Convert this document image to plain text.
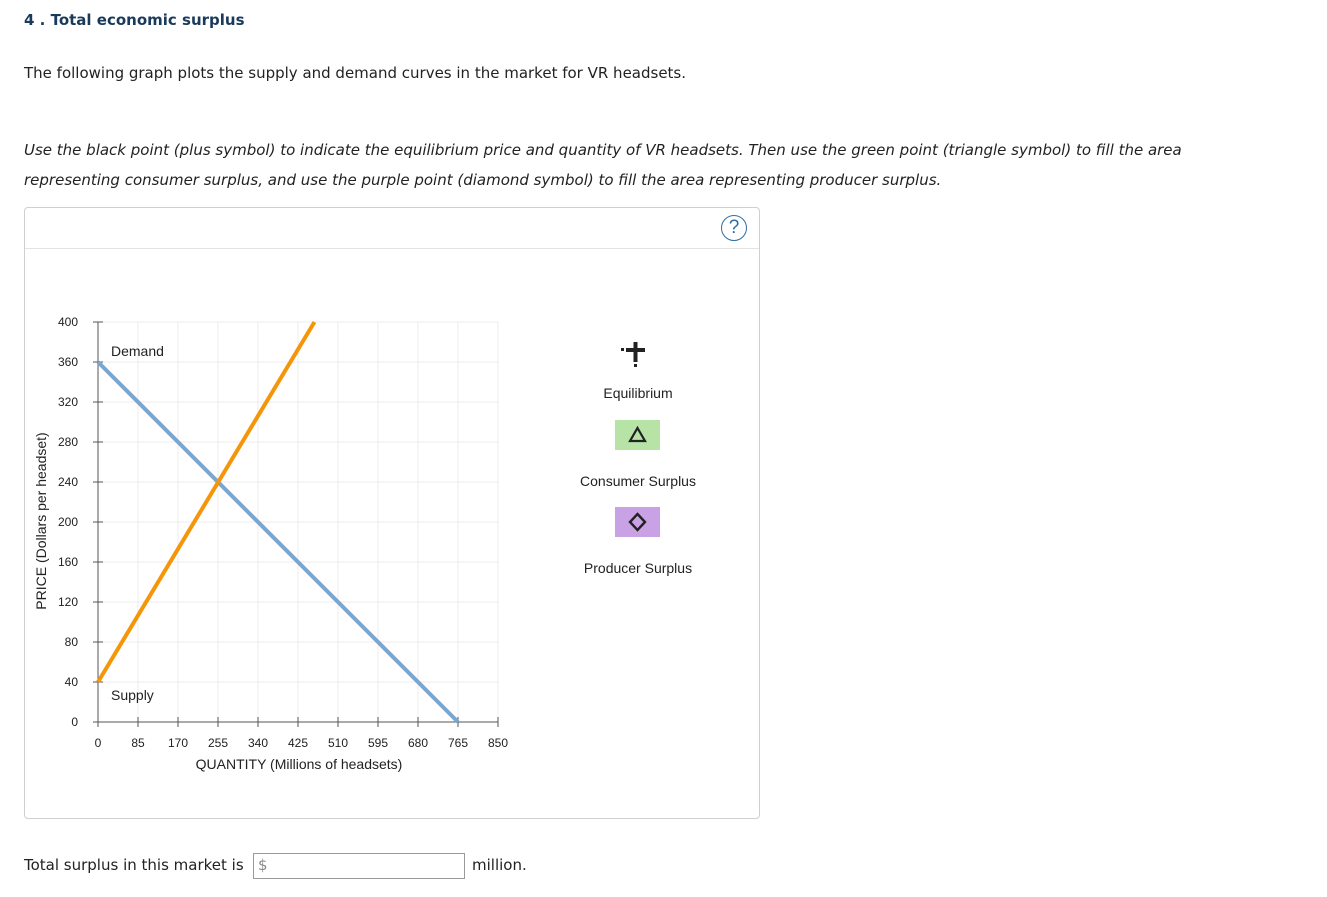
4 . Total economic surplus
The following graph plots the supply and demand curves in the market for VR headsets.
Use the black point (plus symbol) to indicate the equilibrium price and quantity of VR headsets. Then use the green point (triangle symbol) to fill the area representing consumer surplus, and use the purple point (diamond symbol) to fill the area representing producer surplus.
?
0 85 170 255 340 425 510 595 680 765 850
0
40
80
120
160
200
240
280
320
360
400
Demand
Supply
PRICE (Dollars per headset)
QUANTITY (Millions of headsets)
Equilibrium
Consumer Surplus
Producer Surplus
Total surplus in this market is $	million.
